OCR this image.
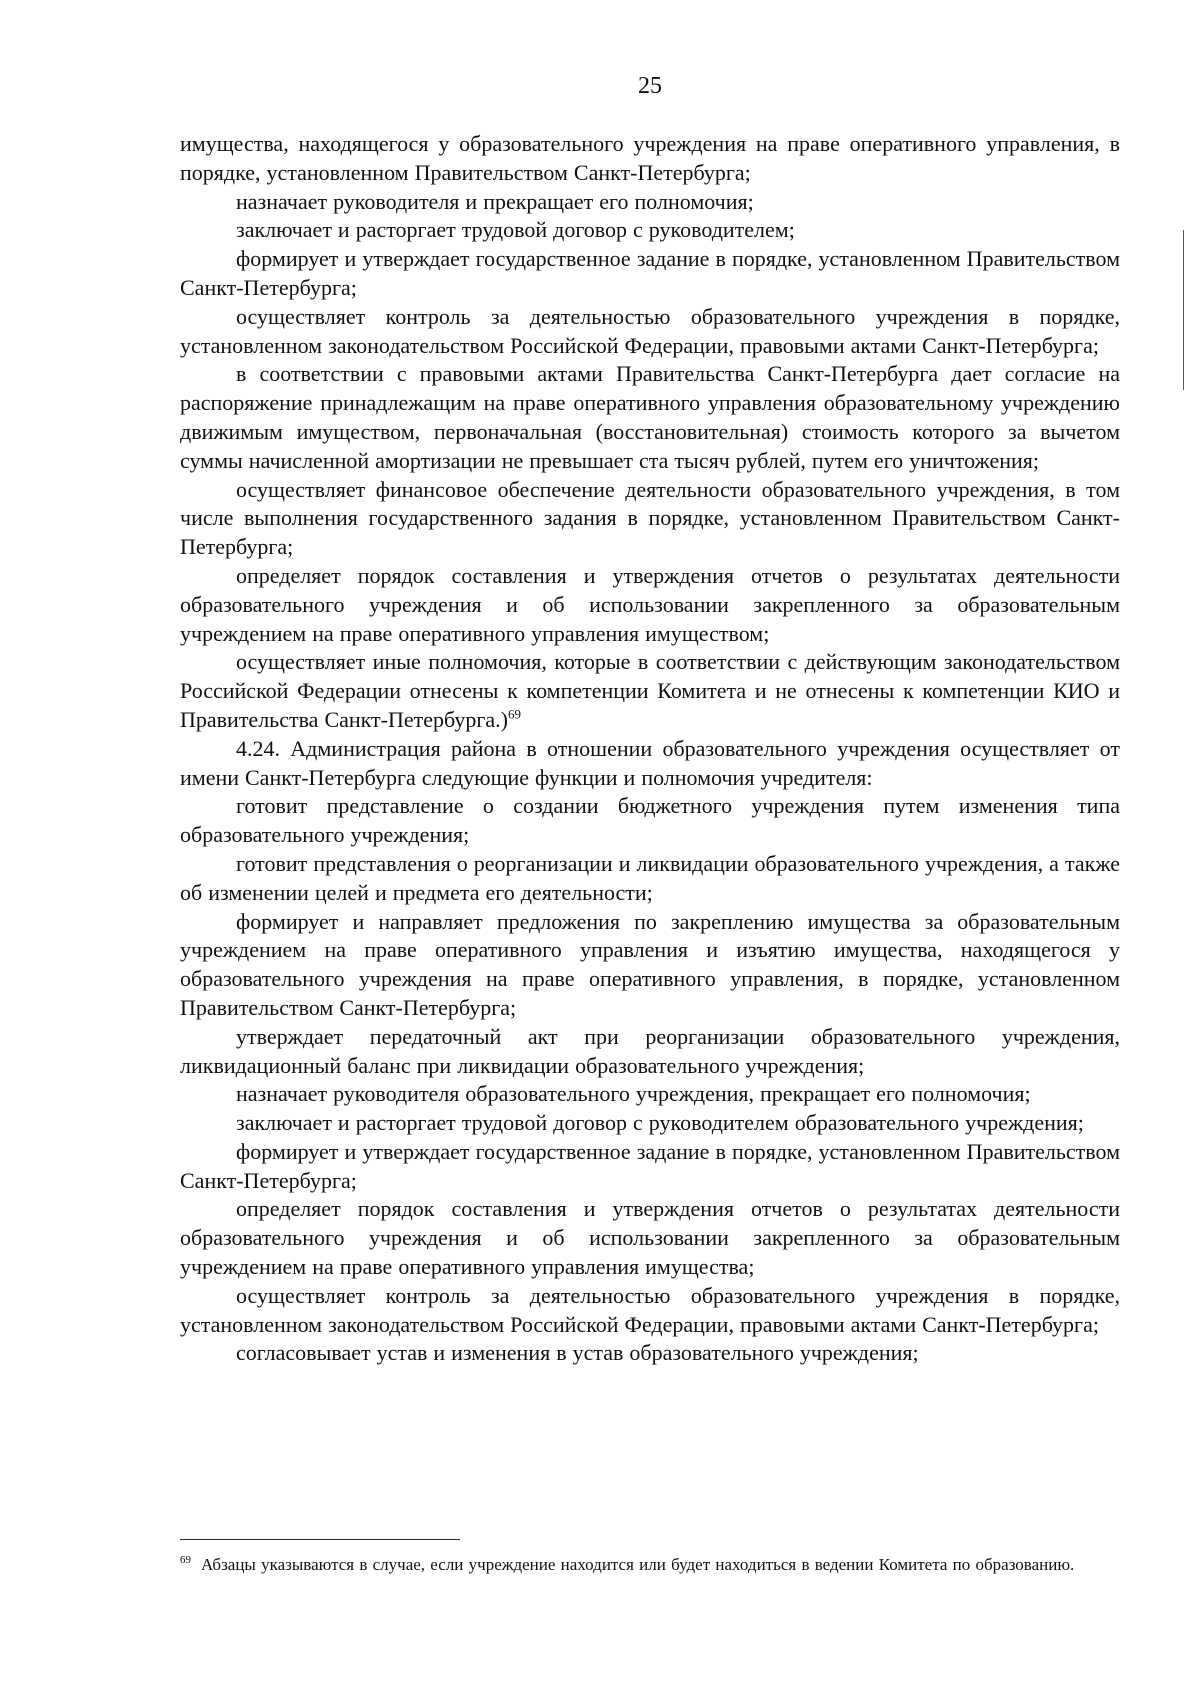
25

имущества, находящегося у образовательного учреждения на праве оперативного управления, в порядке, установленном Правительством Санкт-Петербурга;

назначает руководителя и прекращает его полномочия;

заключает и расторгает трудовой договор с руководителем;

формирует и утверждает государственное задание в порядке, установленном Правительством Санкт-Петербурга;

осуществляет контроль за деятельностью образовательного учреждения в порядке, установленном законодательством Российской Федерации, правовыми актами Санкт-Петербурга;

в соответствии с правовыми актами Правительства Санкт-Петербурга дает согласие на распоряжение принадлежащим на праве оперативного управления образовательному учреждению движимым имуществом, первоначальная (восстановительная) стоимость которого за вычетом суммы начисленной амортизации не превышает ста тысяч рублей, путем его уничтожения;

осуществляет финансовое обеспечение деятельности образовательного учреждения, в том числе выполнения государственного задания в порядке, установленном Правительством Санкт-Петербурга;

определяет порядок составления и утверждения отчетов о результатах деятельности образовательного учреждения и об использовании закрепленного за образовательным учреждением на праве оперативного управления имуществом;

осуществляет иные полномочия, которые в соответствии с действующим законодательством Российской Федерации отнесены к компетенции Комитета и не отнесены к компетенции КИО и Правительства Санкт-Петербурга.)$^{69}$

4.24. Администрация района в отношении образовательного учреждения осуществляет от имени Санкт-Петербурга следующие функции и полномочия учредителя:

готовит представление о создании бюджетного учреждения путем изменения типа образовательного учреждения;

готовит представления о реорганизации и ликвидации образовательного учреждения, а также об изменении целей и предмета его деятельности;

формирует и направляет предложения по закреплению имущества за образовательным учреждением на праве оперативного управления и изъятию имущества, находящегося у образовательного учреждения на праве оперативного управления, в порядке, установленном Правительством Санкт-Петербурга;

утверждает передаточный акт при реорганизации образовательного учреждения, ликвидационный баланс при ликвидации образовательного учреждения;

назначает руководителя образовательного учреждения, прекращает его полномочия;

заключает и расторгает трудовой договор с руководителем образовательного учреждения;

формирует и утверждает государственное задание в порядке, установленном Правительством Санкт-Петербурга;

определяет порядок составления и утверждения отчетов о результатах деятельности образовательного учреждения и об использовании закрепленного за образовательным учреждением на праве оперативного управления имущества;

осуществляет контроль за деятельностью образовательного учреждения в порядке, установленном законодательством Российской Федерации, правовыми актами Санкт-Петербурга;

согласовывает устав и изменения в устав образовательного учреждения;

$^{69}$ Абзацы указываются в случае, если учреждение находится или будет находиться в ведении Комитета по образованию.
